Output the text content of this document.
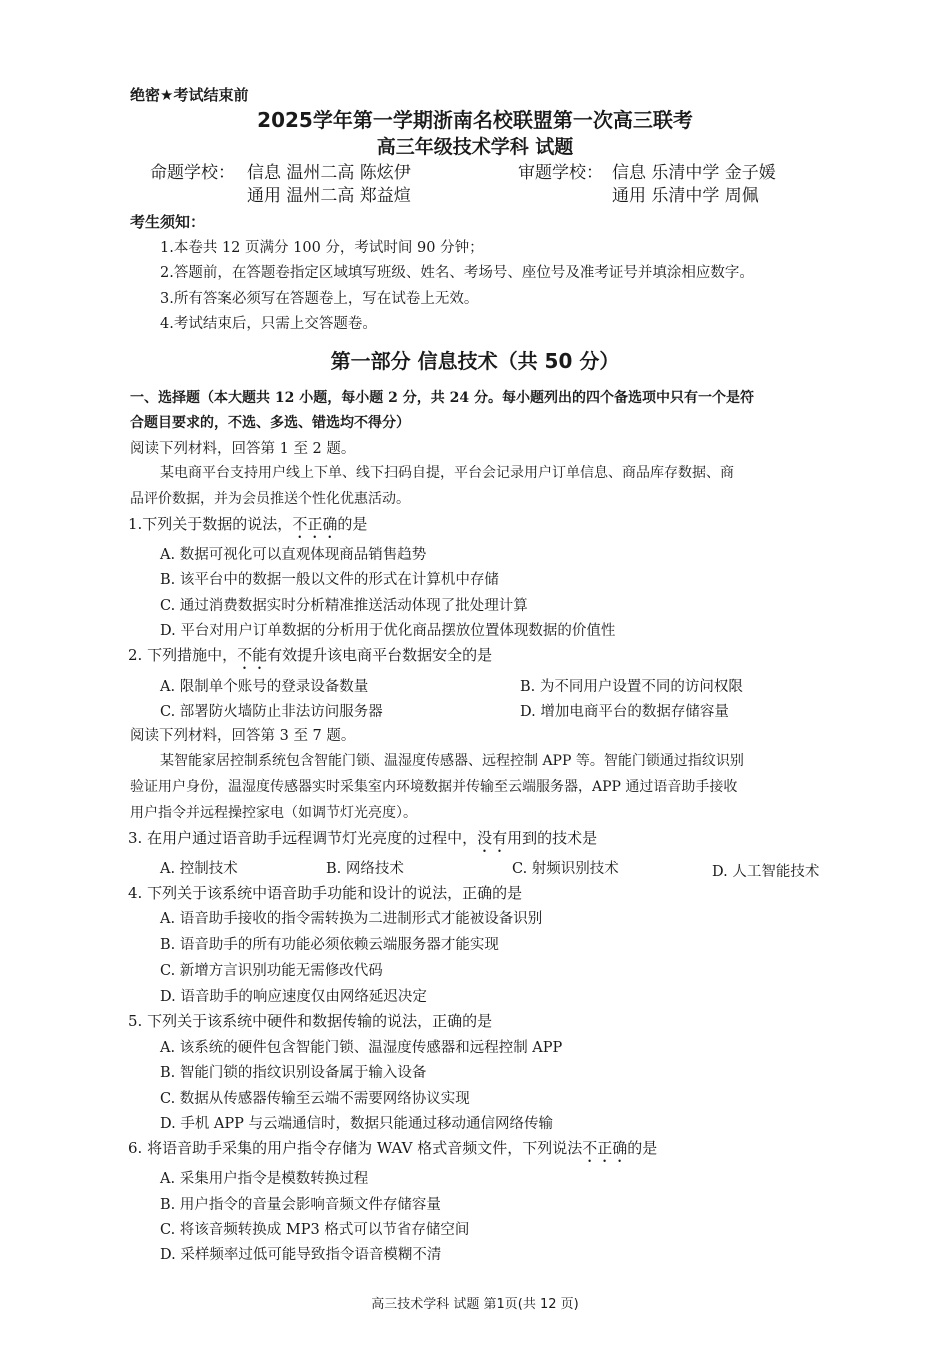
绝密★考试结束前
2025学年第一学期浙南名校联盟第一次高三联考
高三年级技术学科 试题
命题学校： 信息 温州二高 陈炫伊
通用 温州二高 郑益煊
审题学校： 信息 乐清中学 金子媛
通用 乐清中学 周佩
考生须知：
1.本卷共 12 页满分 100 分，考试时间 90 分钟；
2.答题前，在答题卷指定区域填写班级、姓名、考场号、座位号及准考证号并填涂相应数字。
3.所有答案必须写在答题卷上，写在试卷上无效。
4.考试结束后，只需上交答题卷。
第一部分 信息技术（共 50 分）
一、选择题（本大题共 12 小题，每小题 2 分，共 24 分。每小题列出的四个备选项中只有一个是符
合题目要求的，不选、多选、错选均不得分）
阅读下列材料，回答第 1 至 2 题。
某电商平台支持用户线上下单、线下扫码自提，平台会记录用户订单信息、商品库存数据、商
品评价数据，并为会员推送个性化优惠活动。
1.下列关于数据的说法，不正确的是
A. 数据可视化可以直观体现商品销售趋势
B. 该平台中的数据一般以文件的形式在计算机中存储
C. 通过消费数据实时分析精准推送活动体现了批处理计算
D. 平台对用户订单数据的分析用于优化商品摆放位置体现数据的价值性
2. 下列措施中，不能有效提升该电商平台数据安全的是
A. 限制单个账号的登录设备数量	B. 为不同用户设置不同的访问权限
C. 部署防火墙防止非法访问服务器	D. 增加电商平台的数据存储容量
阅读下列材料，回答第 3 至 7 题。
某智能家居控制系统包含智能门锁、温湿度传感器、远程控制 APP 等。智能门锁通过指纹识别
验证用户身份，温湿度传感器实时采集室内环境数据并传输至云端服务器，APP 通过语音助手接收
用户指令并远程操控家电（如调节灯光亮度）。
3. 在用户通过语音助手远程调节灯光亮度的过程中，没有用到的技术是
A. 控制技术	B. 网络技术	C. 射频识别技术	D. 人工智能技术
4. 下列关于该系统中语音助手功能和设计的说法，正确的是
A. 语音助手接收的指令需转换为二进制形式才能被设备识别
B. 语音助手的所有功能必须依赖云端服务器才能实现
C. 新增方言识别功能无需修改代码
D. 语音助手的响应速度仅由网络延迟决定
5. 下列关于该系统中硬件和数据传输的说法，正确的是
A. 该系统的硬件包含智能门锁、温湿度传感器和远程控制 APP
B. 智能门锁的指纹识别设备属于输入设备
C. 数据从传感器传输至云端不需要网络协议实现
D. 手机 APP 与云端通信时，数据只能通过移动通信网络传输
6. 将语音助手采集的用户指令存储为 WAV 格式音频文件，下列说法不正确的是
A. 采集用户指令是模数转换过程
B. 用户指令的音量会影响音频文件存储容量
C. 将该音频转换成 MP3 格式可以节省存储空间
D. 采样频率过低可能导致指令语音模糊不清
高三技术学科 试题 第1页(共 12 页)
